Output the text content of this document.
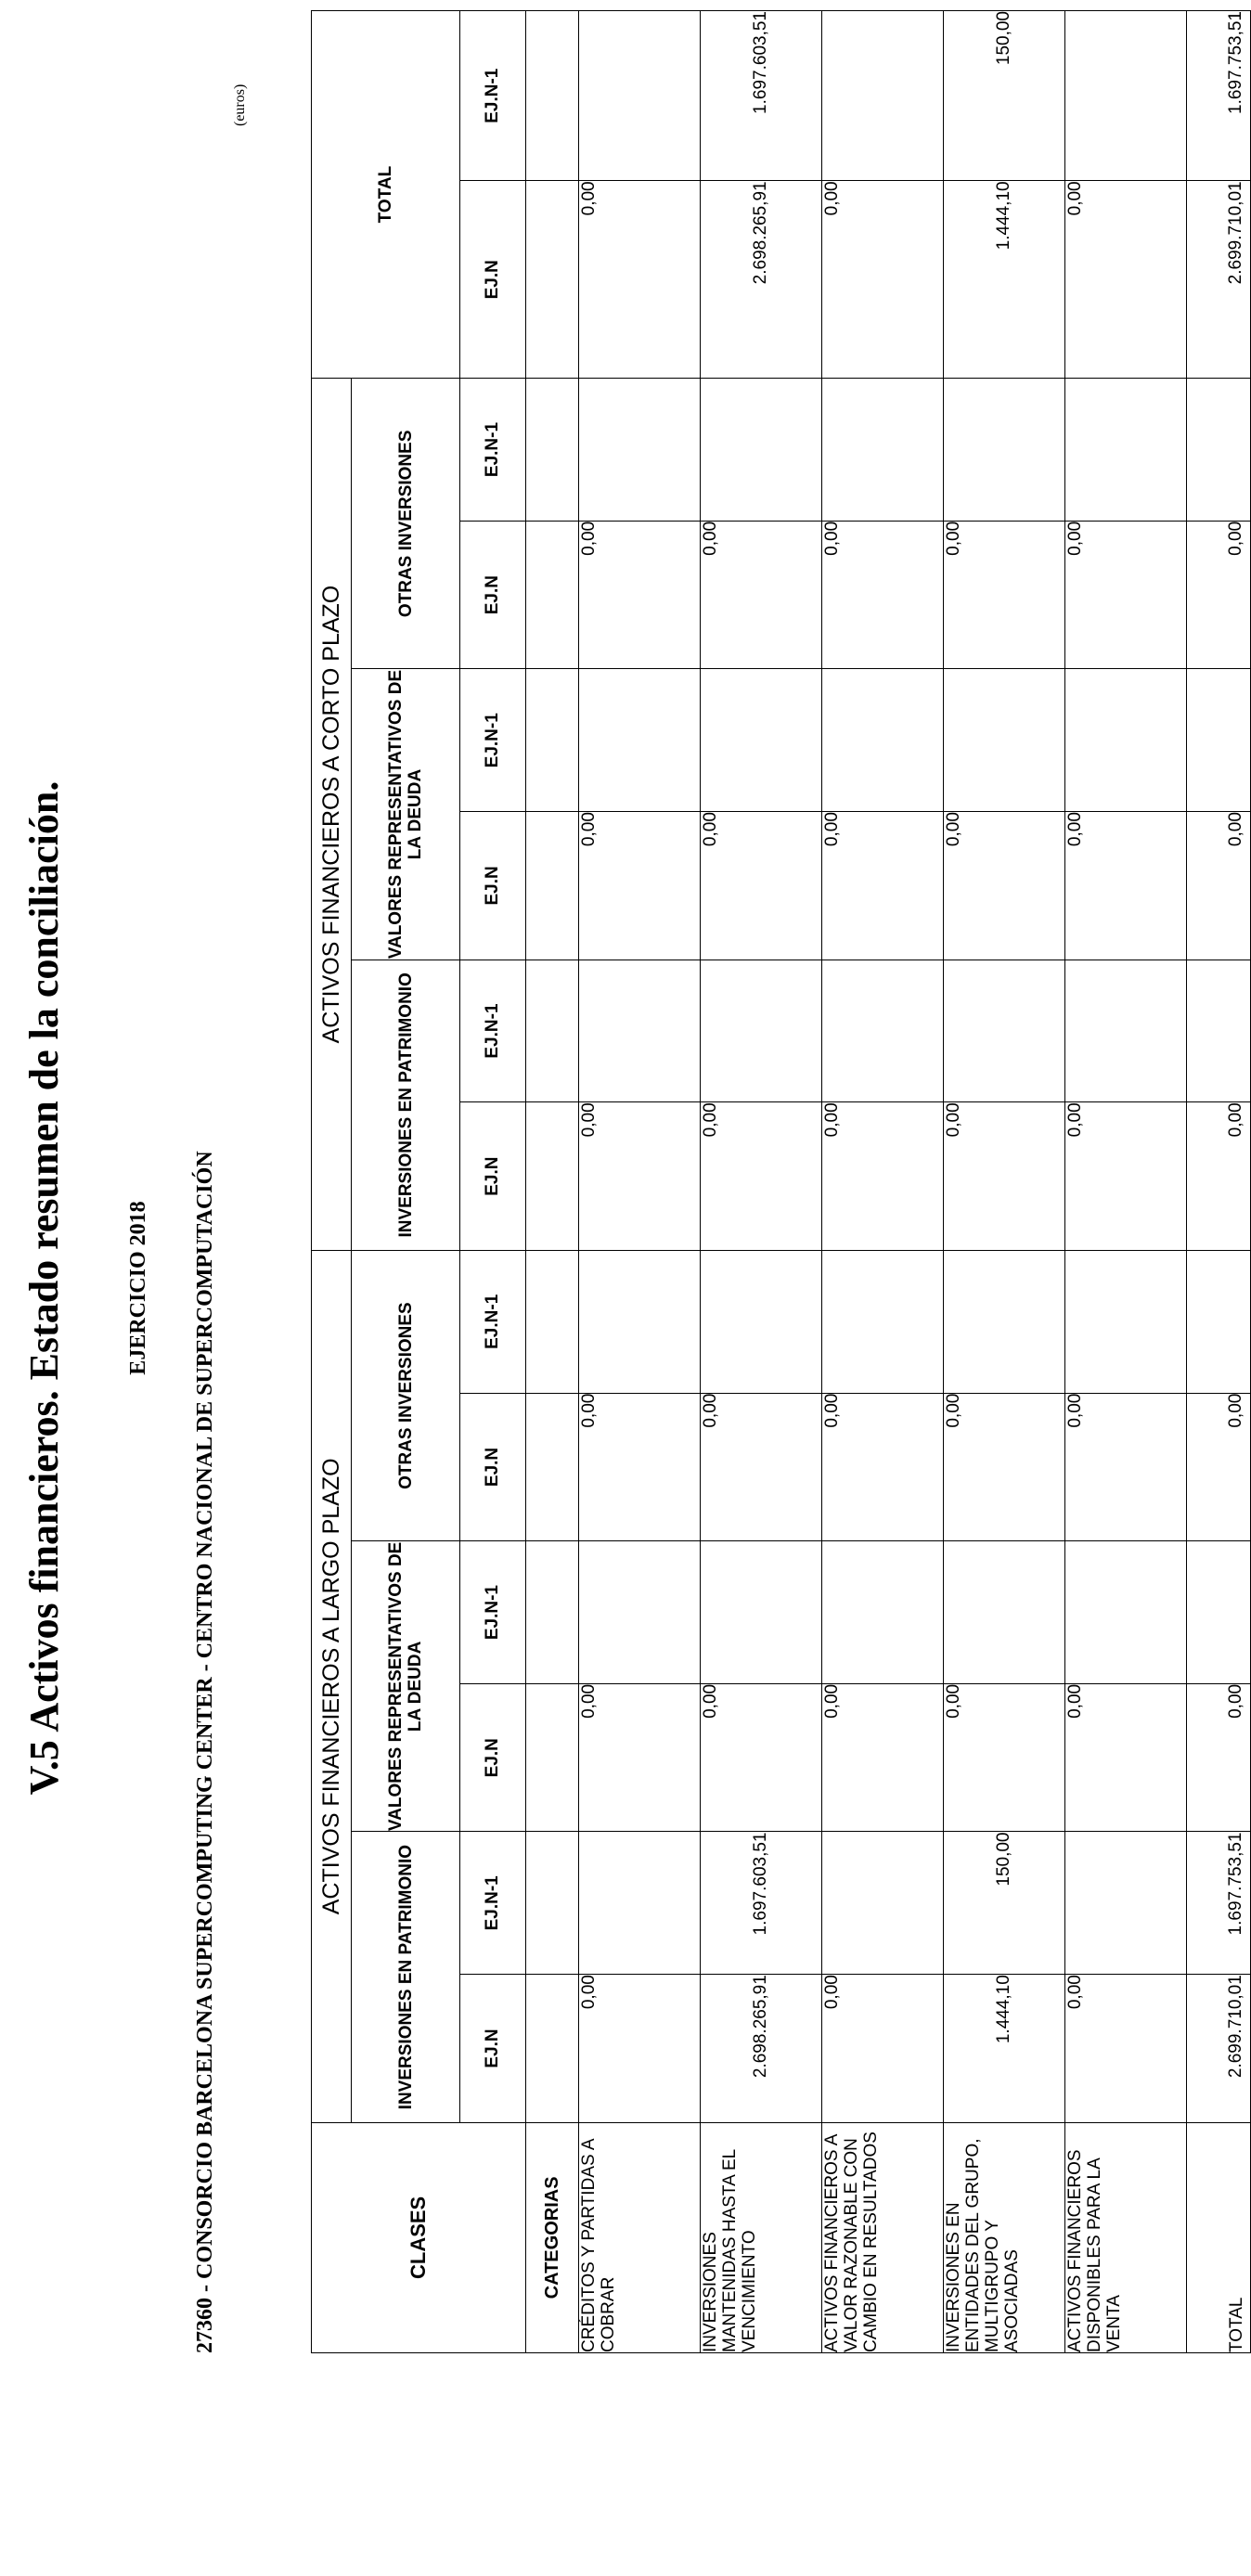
V.5 Activos financieros. Estado resumen de la conciliación.	EJERCICIO 2018 27360 - CONSORCIO BARCELONA SUPERCOMPUTING CENTER - CENTRO NACIONAL DE SUPERCOMPUTACIÓN
(euros)
CLASES	ACTIVOS FINANCIEROS A LARGO PLAZO						ACTIVOS FINANCIEROS A CORTO PLAZO						TOTAL	
	INVERSIONES EN PATRIMONIO		VALORES REPRESENTATIVOS DE LA DEUDA		OTRAS INVERSIONES		INVERSIONES EN PATRIMONIO		VALORES REPRESENTATIVOS DE LA DEUDA		OTRAS INVERSIONES			
	EJ.N	EJ.N-1	EJ.N	EJ.N-1	EJ.N	EJ.N-1	EJ.N	EJ.N-1	EJ.N	EJ.N-1	EJ.N	EJ.N-1	EJ.N	EJ.N-1
CATEGORIAS														
CRÉDITOS Y PARTIDAS A COBRAR	0,00		0,00		0,00		0,00		0,00		0,00		0,00	
INVERSIONES MANTENIDAS HASTA EL VENCIMIENTO	2.698.265,91	1.697.603,51	0,00		0,00		0,00		0,00		0,00		2.698.265,91	1.697.603,51
ACTIVOS FINANCIEROS A VALOR RAZONABLE CON CAMBIO EN RESULTADOS	0,00		0,00		0,00		0,00		0,00		0,00		0,00	
INVERSIONES EN ENTIDADES DEL GRUPO, MULTIGRUPO Y ASOCIADAS	1.444,10	150,00	0,00		0,00		0,00		0,00		0,00		1.444,10	150,00
ACTIVOS FINANCIEROS DISPONIBLES PARA LA VENTA	0,00		0,00		0,00		0,00		0,00		0,00		0,00	
TOTAL	2.699.710,01	1.697.753,51	0,00		0,00		0,00		0,00		0,00		2.699.710,01	1.697.753,51
